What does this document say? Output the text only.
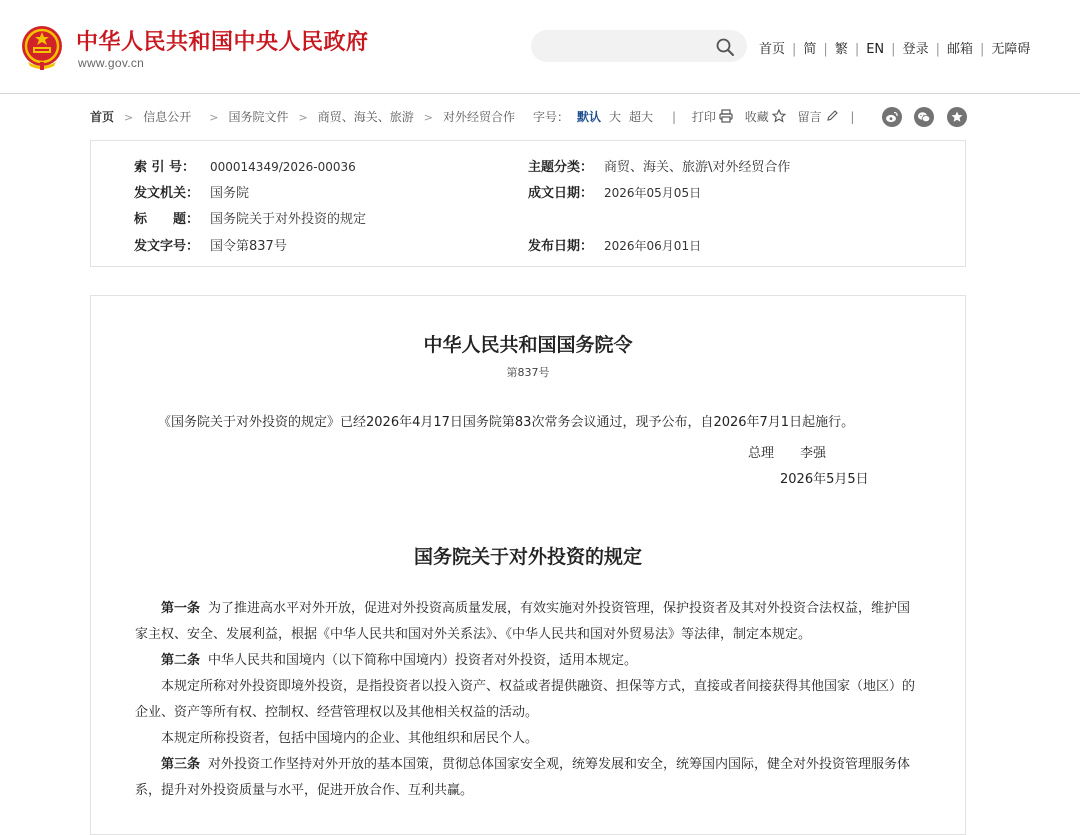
中华人民共和国中央人民政府
www.gov.cn
首页 | 简 | 繁 | EN | 登录 | 邮箱 | 无障碍
首页 > 信息公开 > 国务院文件 > 商贸、海关、旅游 > 对外经贸合作 字号： 默认 大 超大	| 打印 收藏 留言 |
索 引 号： 000014349/2026-00036	主题分类： 商贸、海关、旅游\对外经贸合作
发文机关： 国务院	成文日期： 2026年05月05日
标　　题： 国务院关于对外投资的规定
发文字号： 国令第837号	发布日期： 2026年06月01日
中华人民共和国国务院令
第837号
《国务院关于对外投资的规定》已经2026年4月17日国务院第83次常务会议通过，现予公布，自2026年7月1日起施行。
总理 李强
2026年5月5日
国务院关于对外投资的规定
第一条 为了推进高水平对外开放，促进对外投资高质量发展，有效实施对外投资管理，保护投资者及其对外投资合法权益，维护国家主权、安全、发展利益，根据《中华人民共和国对外关系法》、《中华人民共和国对外贸易法》等法律，制定本规定。
第二条 中华人民共和国境内（以下简称中国境内）投资者对外投资，适用本规定。
本规定所称对外投资即境外投资，是指投资者以投入资产、权益或者提供融资、担保等方式，直接或者间接获得其他国家（地区）的企业、资产等所有权、控制权、经营管理权以及其他相关权益的活动。
本规定所称投资者，包括中国境内的企业、其他组织和居民个人。
第三条 对外投资工作坚持对外开放的基本国策，贯彻总体国家安全观，统筹发展和安全，统筹国内国际，健全对外投资管理服务体系，提升对外投资质量与水平，促进开放合作、互利共赢。
